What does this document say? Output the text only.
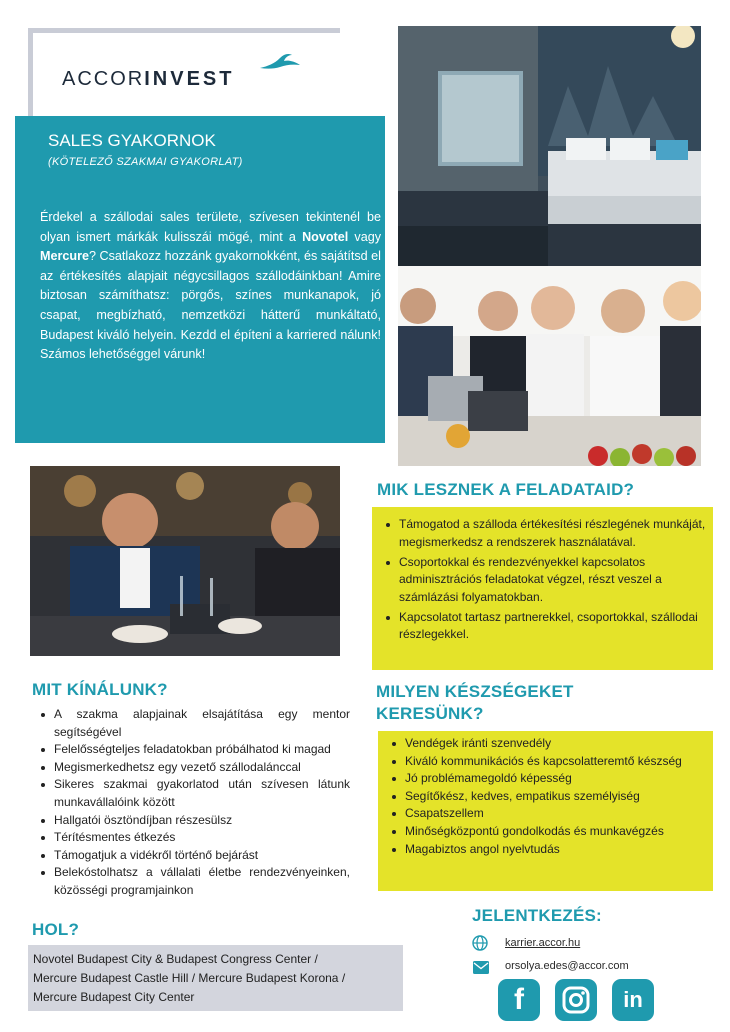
ACCORINVEST
SALES GYAKORNOK
(KÖTELEZŐ SZAKMAI GYAKORLAT)
Érdekel a szállodai sales területe, szívesen tekintenél be olyan ismert márkák kulisszái mögé, mint a Novotel vagy Mercure? Csatlakozz hozzánk gyakornokként, és sajátítsd el az értékesítés alapjait négycsillagos szállodáinkban! Amire biztosan számíthatsz: pörgős, színes munkanapok, jó csapat, megbízható, nemzetközi hátterű munkáltató, Budapest kiváló helyein. Kezdd el építeni a karriered nálunk! Számos lehetőséggel várunk!
MIK LESZNEK A FELADATAID?
Támogatod a szálloda értékesítési részlegének munkáját, megismerkedsz a rendszerek használatával.
Csoportokkal és rendezvényekkel kapcsolatos adminisztrációs feladatokat végzel, részt veszel a számlázási folyamatokban.
Kapcsolatot tartasz partnerekkel, csoportokkal, szállodai részlegekkel.
MIT KÍNÁLUNK?
A szakma alapjainak elsajátítása egy mentor segítségével
Felelősségteljes feladatokban próbálhatod ki magad
Megismerkedhetsz egy vezető szállodalánccal
Sikeres szakmai gyakorlatod után szívesen látunk munkavállalóink között
Hallgatói ösztöndíjban részesülsz
Térítésmentes étkezés
Támogatjuk a vidékről történő bejárást
Belekóstolhatsz a vállalati életbe rendezvényeinken, közösségi programjainkon
MILYEN KÉSZSÉGEKET
KERESÜNK?
Vendégek iránti szenvedély
Kiváló kommunikációs és kapcsolatteremtő készség
Jó problémamegoldó képesség
Segítőkész, kedves, empatikus személyiség
Csapatszellem
Minőségközpontú gondolkodás és munkavégzés
Magabiztos angol nyelvtudás
HOL?
Novotel Budapest City & Budapest Congress Center /
Mercure Budapest Castle Hill / Mercure Budapest Korona /
Mercure Budapest City Center
JELENTKEZÉS:
karrier.accor.hu
orsolya.edes@accor.com
f	in
